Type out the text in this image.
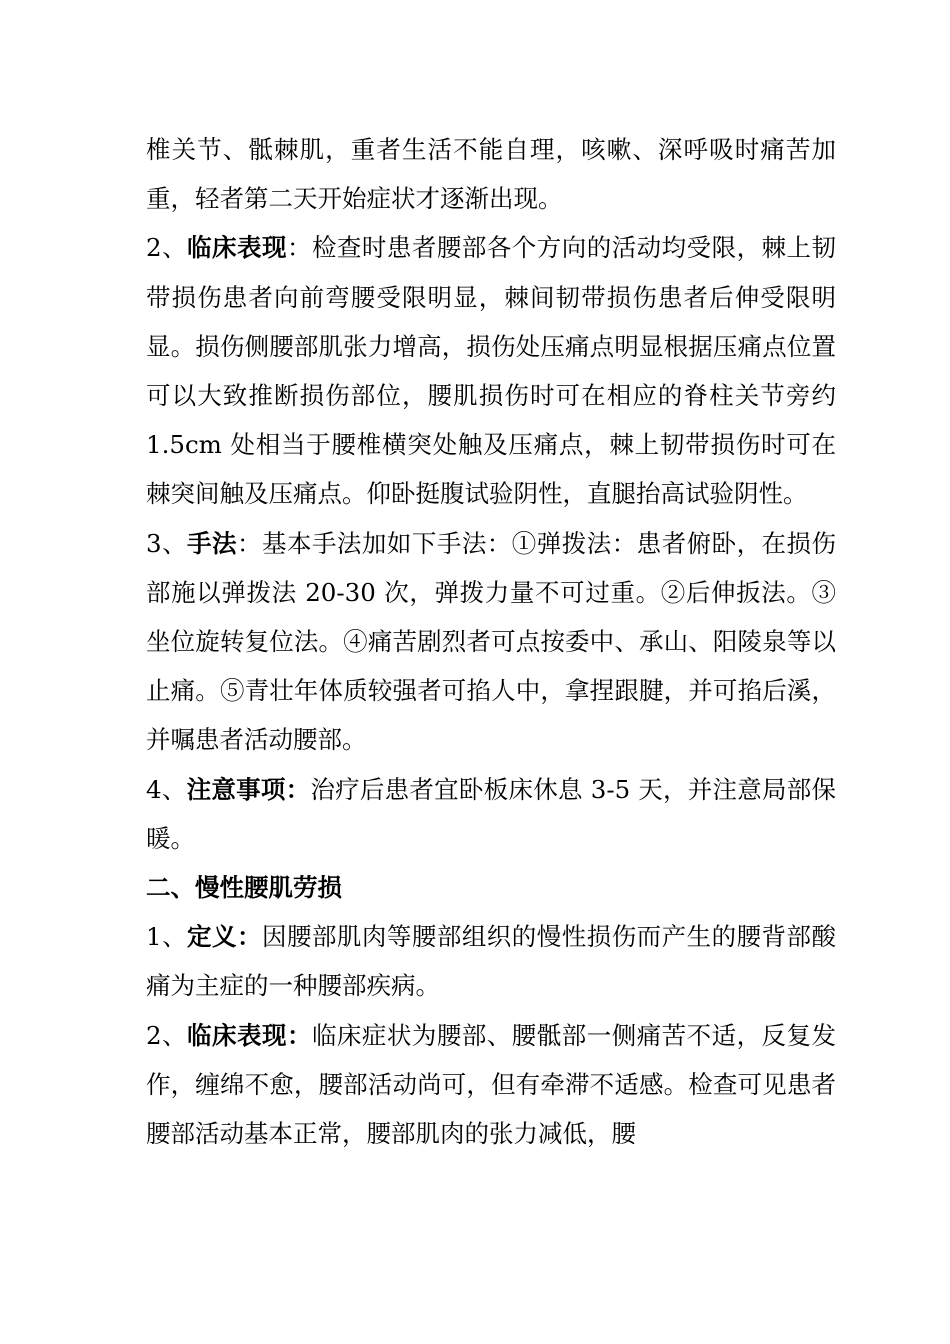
椎关节、骶棘肌，重者生活不能自理，咳嗽、深呼吸时痛苦加重，轻者第二天开始症状才逐渐出现。

2、临床表现：检查时患者腰部各个方向的活动均受限，棘上韧带损伤患者向前弯腰受限明显，棘间韧带损伤患者后伸受限明显。损伤侧腰部肌张力增高，损伤处压痛点明显根据压痛点位置可以大致推断损伤部位，腰肌损伤时可在相应的脊柱关节旁约 1.5cm 处相当于腰椎横突处触及压痛点，棘上韧带损伤时可在棘突间触及压痛点。仰卧挺腹试验阴性，直腿抬高试验阴性。

3、手法：基本手法加如下手法：①弹拨法：患者俯卧，在损伤部施以弹拨法 20-30 次，弹拨力量不可过重。②后伸扳法。③坐位旋转复位法。④痛苦剧烈者可点按委中、承山、阳陵泉等以止痛。⑤青壮年体质较强者可掐人中，拿捏跟腱，并可掐后溪，并嘱患者活动腰部。

4、注意事项：治疗后患者宜卧板床休息 3-5 天，并注意局部保暖。

二、慢性腰肌劳损

1、定义：因腰部肌肉等腰部组织的慢性损伤而产生的腰背部酸痛为主症的一种腰部疾病。

2、临床表现：临床症状为腰部、腰骶部一侧痛苦不适，反复发作，缠绵不愈，腰部活动尚可，但有牵滞不适感。检查可见患者腰部活动基本正常，腰部肌肉的张力减低，腰
